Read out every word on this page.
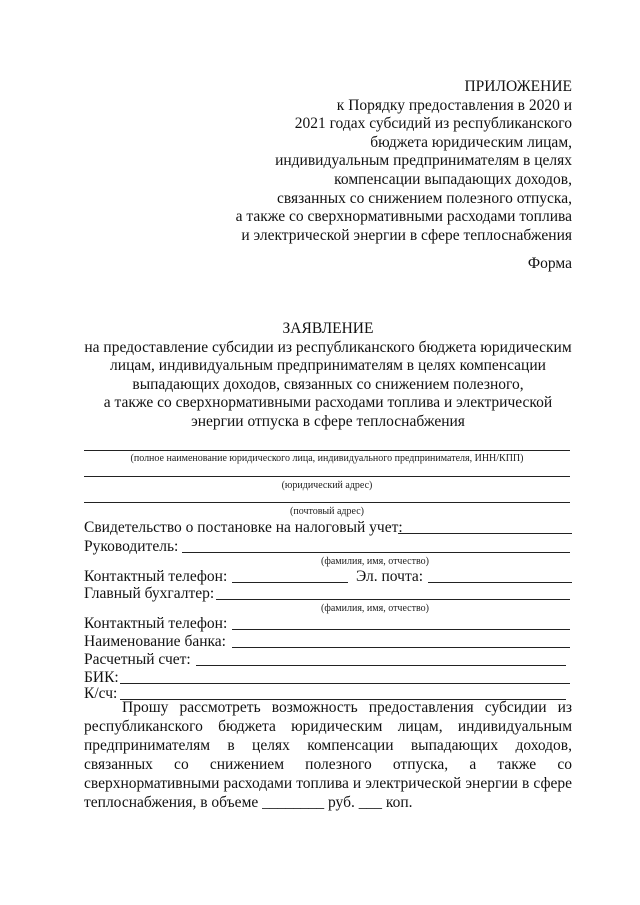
ПРИЛОЖЕНИЕ
к Порядку предоставления в 2020 и
2021 годах субсидий из республиканского
бюджета юридическим лицам,
индивидуальным предпринимателям в целях
компенсации выпадающих доходов,
связанных со снижением полезного отпуска,
а также со сверхнормативными расходами топлива
и электрической энергии в сфере теплоснабжения
Форма
ЗАЯВЛЕНИЕ
на предоставление субсидии из республиканского бюджета юридическим
лицам, индивидуальным предпринимателям в целях компенсации
выпадающих доходов, связанных со снижением полезного,
а также со сверхнормативными расходами топлива и электрической
энергии отпуска в сфере теплоснабжения
(полное наименование юридического лица, индивидуального предпринимателя, ИНН/КПП)
(юридический адрес)
(почтовый адрес)
Свидетельство о постановке на налоговый учет:
Руководитель:
(фамилия, имя, отчество)
Контактный телефон:	Эл. почта:
Главный бухгалтер:
(фамилия, имя, отчество)
Контактный телефон:
Наименование банка:
Расчетный счет:
БИК:
К/сч:
Прошу рассмотреть возможность предоставления субсидии из республиканского бюджета юридическим лицам, индивидуальным предпринимателям в целях компенсации выпадающих доходов, связанных со снижением полезного отпуска, а также со сверхнормативными расходами топлива и электрической энергии в сфере теплоснабжения, в объеме ________ руб. ___ коп.
